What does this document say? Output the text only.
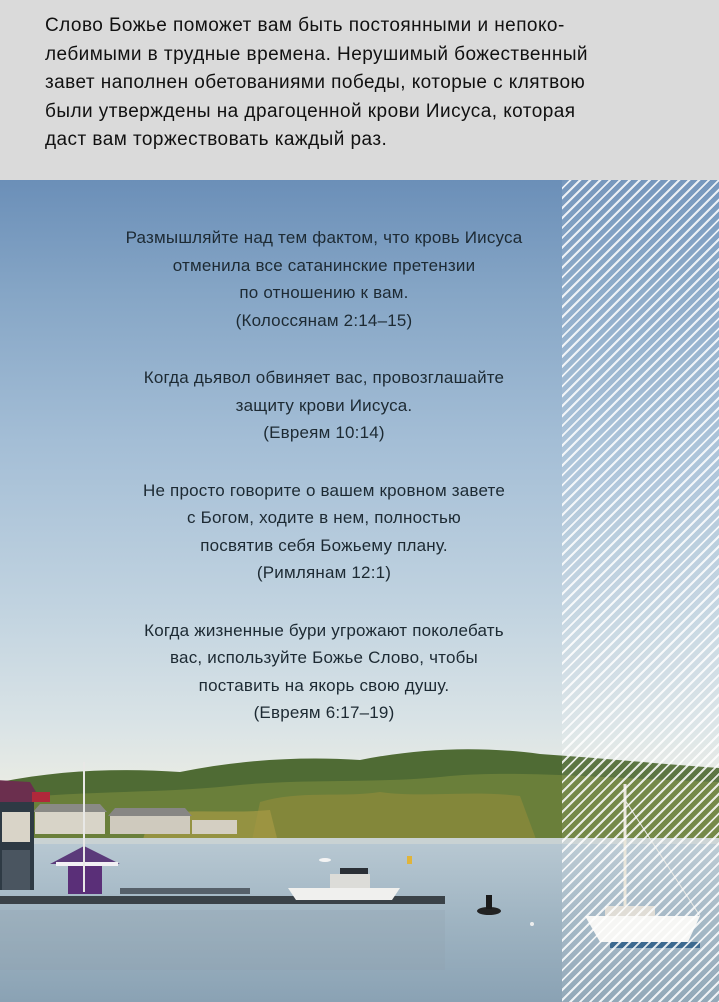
Слово Божье поможет вам быть постоянными и непоко-
лебимыми в трудные времена. Нерушимый божественный
завет наполнен обетованиями победы, которые с клятвою
были утверждены на драгоценной крови Иисуса, которая
даст вам торжествовать каждый раз.

Размышляйте над тем фактом, что кровь Иисуса
отменила все сатанинские претензии
по отношению к вам.
(Колоссянам 2:14–15)
Когда дьявол обвиняет вас, провозглашайте
защиту крови Иисуса.
(Евреям 10:14)
Не просто говорите о вашем кровном завете
с Богом, ходите в нем, полностью
посвятив себя Божьему плану.
(Римлянам 12:1)
Когда жизненные бури угрожают поколебать
вас, используйте Божье Слово, чтобы
поставить на якорь свою душу.
(Евреям 6:17–19)
